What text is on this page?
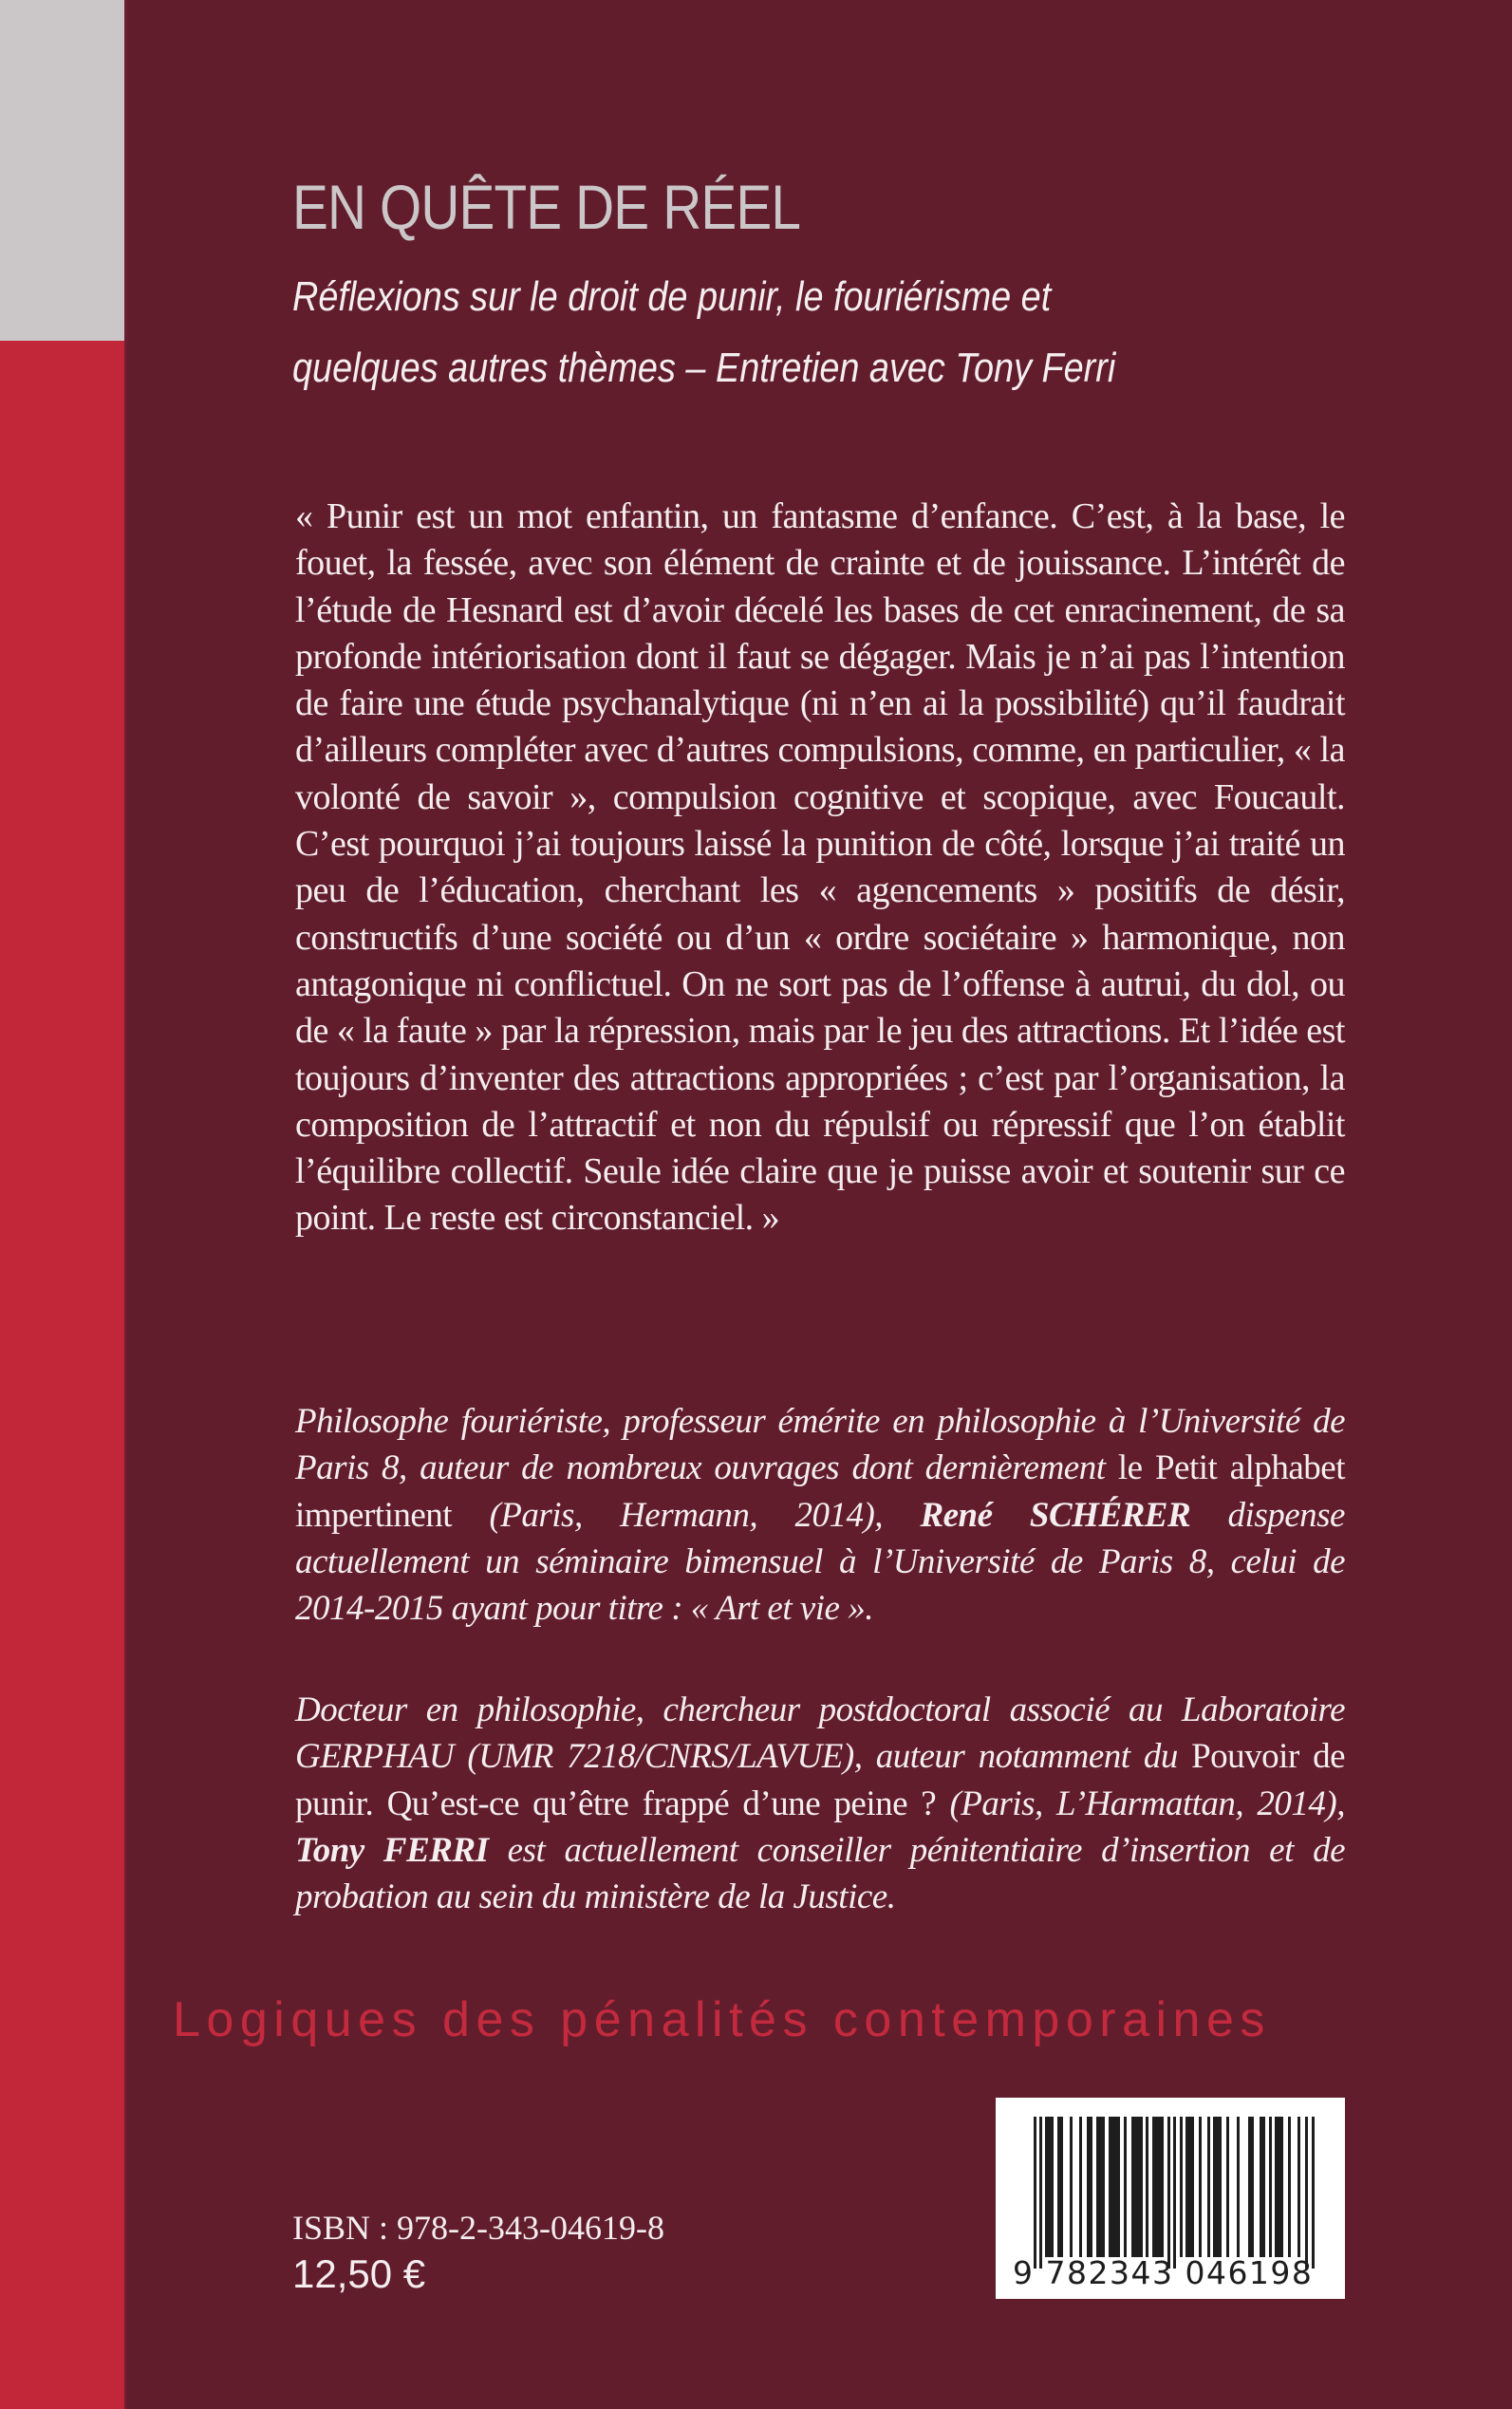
EN QUÊTE DE RÉEL
Réflexions sur le droit de punir, le fouriérisme et
quelques autres thèmes – Entretien avec Tony Ferri
« Punir est un mot enfantin, un fantasme d’enfance. C’est, à la base, le fouet, la fessée, avec son élément de crainte et de jouissance. L’intérêt de l’étude de Hesnard est d’avoir décelé les bases de cet enracinement, de sa profonde intériorisation dont il faut se dégager. Mais je n’ai pas l’intention de faire une étude psychanalytique (ni n’en ai la possibilité) qu’il faudrait d’ailleurs compléter avec d’autres compulsions, comme, en particulier, « la volonté de savoir », compulsion cognitive et scopique, avec Foucault. C’est pourquoi j’ai toujours laissé la punition de côté, lorsque j’ai traité un peu de l’éducation, cherchant les « agencements » positifs de désir, constructifs d’une société ou d’un « ordre sociétaire » harmonique, non antagonique ni conflictuel. On ne sort pas de l’offense à autrui, du dol, ou de « la faute » par la répression, mais par le jeu des attractions. Et l’idée est toujours d’inventer des attractions appropriées ; c’est par l’organisation, la composition de l’attractif et non du répulsif ou répressif que l’on établit l’équilibre collectif. Seule idée claire que je puisse avoir et soutenir sur ce point. Le reste est circonstanciel. »
Philosophe fouriériste, professeur émérite en philosophie à l’Université de Paris 8, auteur de nombreux ouvrages dont dernièrement le Petit alphabet impertinent (Paris, Hermann, 2014), René SCHÉRER dispense actuellement un séminaire bimensuel à l’Université de Paris 8, celui de 2014-2015 ayant pour titre : « Art et vie ».
Docteur en philosophie, chercheur postdoctoral associé au Laboratoire GERPHAU (UMR 7218/CNRS/LAVUE), auteur notamment du Pouvoir de punir. Qu’est-ce qu’être frappé d’une peine ? (Paris, L’Harmattan, 2014), Tony FERRI est actuellement conseiller pénitentiaire d’insertion et de probation au sein du ministère de la Justice.
Logiques des pénalités contemporaines
9 782343 046198
ISBN : 978-2-343-04619-8
12,50 €
